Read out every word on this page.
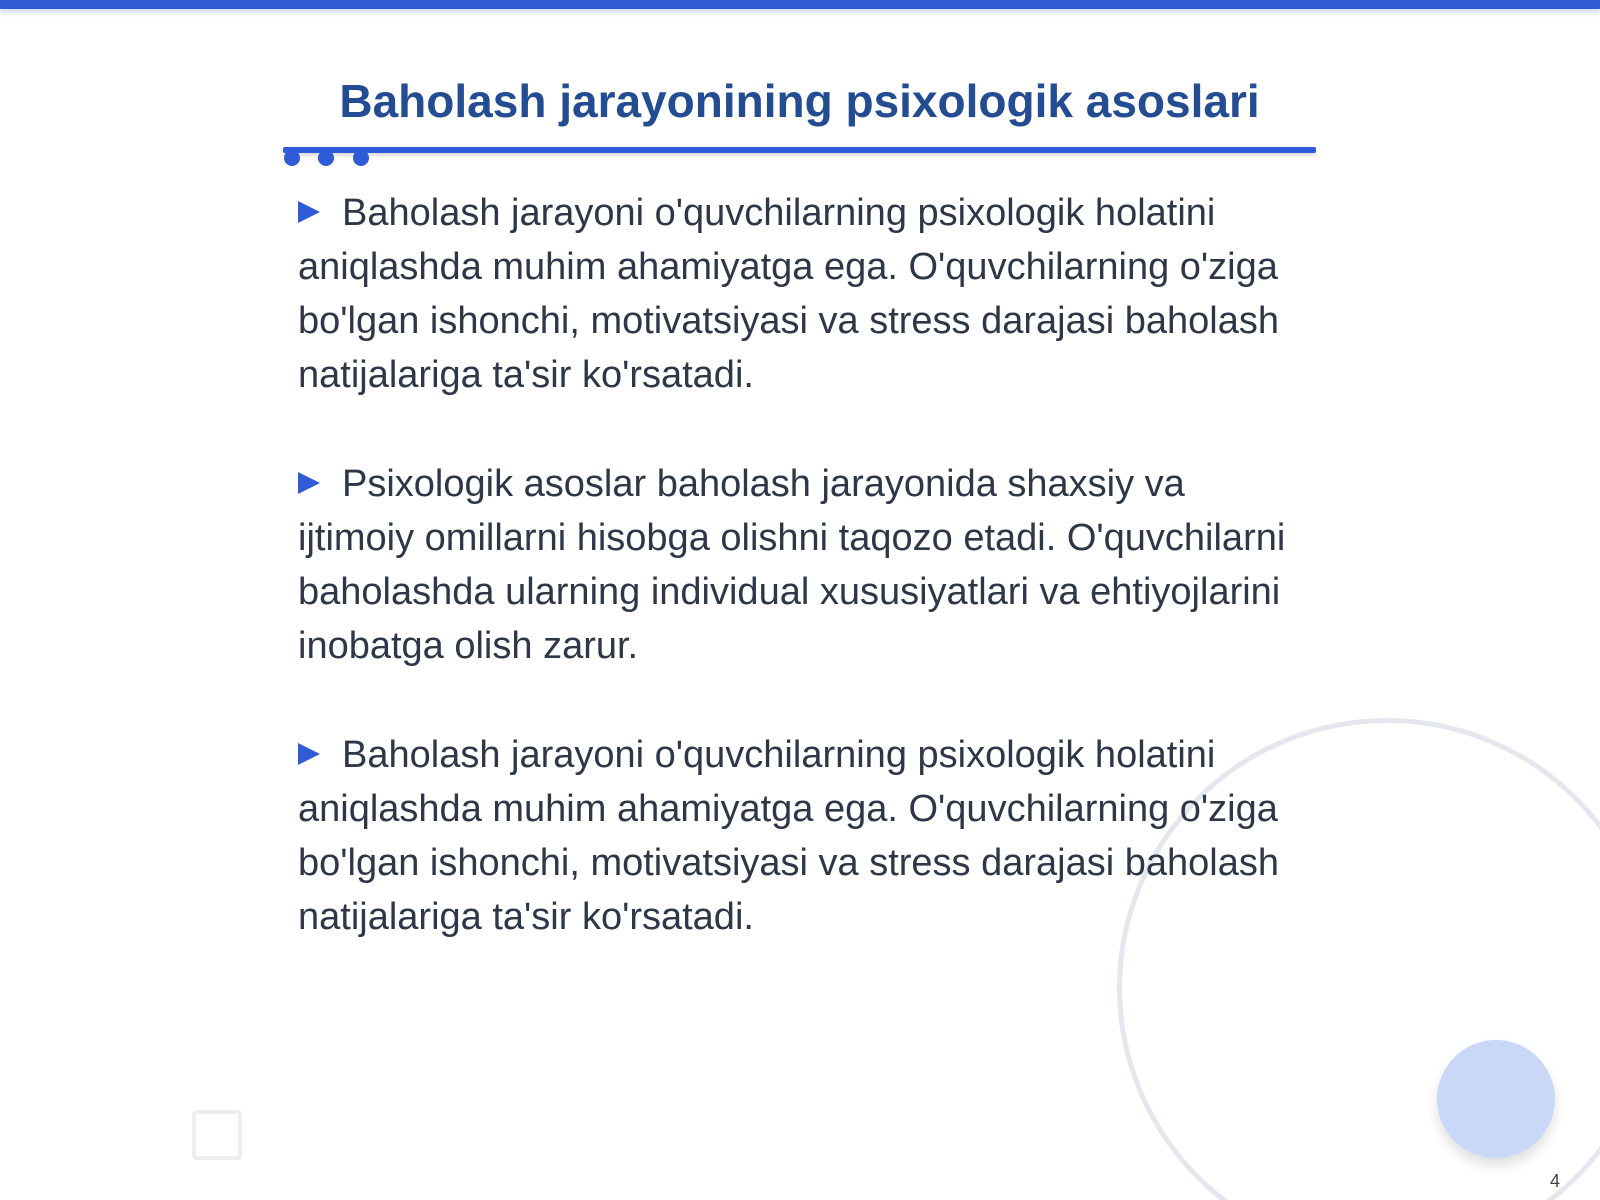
Baholash jarayonining psixologik asoslari

Baholash jarayoni o'quvchilarning psixologik holatini aniqlashda muhim ahamiyatga ega. O'quvchilarning o'ziga bo'lgan ishonchi, motivatsiyasi va stress darajasi baholash natijalariga ta'sir ko'rsatadi.

Psixologik asoslar baholash jarayonida shaxsiy va ijtimoiy omillarni hisobga olishni taqozo etadi. O'quvchilarni baholashda ularning individual xususiyatlari va ehtiyojlarini inobatga olish zarur.

Baholash jarayoni o'quvchilarning psixologik holatini aniqlashda muhim ahamiyatga ega. O'quvchilarning o'ziga bo'lgan ishonchi, motivatsiyasi va stress darajasi baholash natijalariga ta'sir ko'rsatadi.

4
